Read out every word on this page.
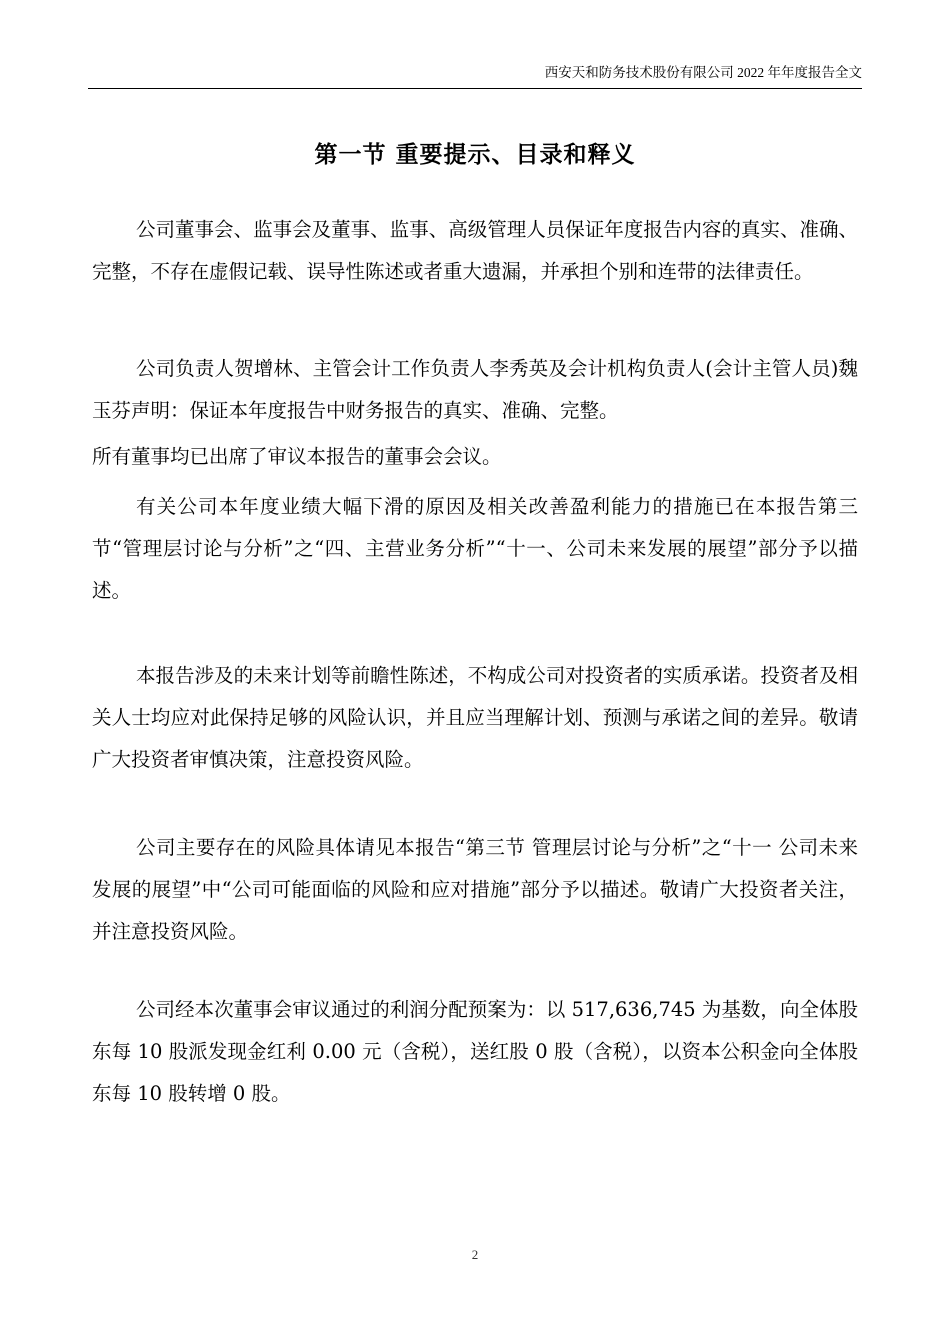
西安天和防务技术股份有限公司 2022 年年度报告全文
第一节 重要提示、目录和释义

公司董事会、监事会及董事、监事、高级管理人员保证年度报告内容的真实、准确、完整，不存在虚假记载、误导性陈述或者重大遗漏，并承担个别和连带的法律责任。

公司负责人贺增林、主管会计工作负责人李秀英及会计机构负责人(会计主管人员)魏玉芬声明：保证本年度报告中财务报告的真实、准确、完整。

所有董事均已出席了审议本报告的董事会会议。

有关公司本年度业绩大幅下滑的原因及相关改善盈利能力的措施已在本报告第三节“管理层讨论与分析”之“四、主营业务分析”“十一、公司未来发展的展望”部分予以描述。

本报告涉及的未来计划等前瞻性陈述，不构成公司对投资者的实质承诺。投资者及相关人士均应对此保持足够的风险认识，并且应当理解计划、预测与承诺之间的差异。敬请广大投资者审慎决策，注意投资风险。

公司主要存在的风险具体请见本报告“第三节 管理层讨论与分析”之“十一 公司未来发展的展望”中“公司可能面临的风险和应对措施”部分予以描述。敬请广大投资者关注，并注意投资风险。

公司经本次董事会审议通过的利润分配预案为：以 517,636,745 为基数，向全体股东每 10 股派发现金红利 0.00 元（含税），送红股 0 股（含税），以资本公积金向全体股东每 10 股转增 0 股。

2
